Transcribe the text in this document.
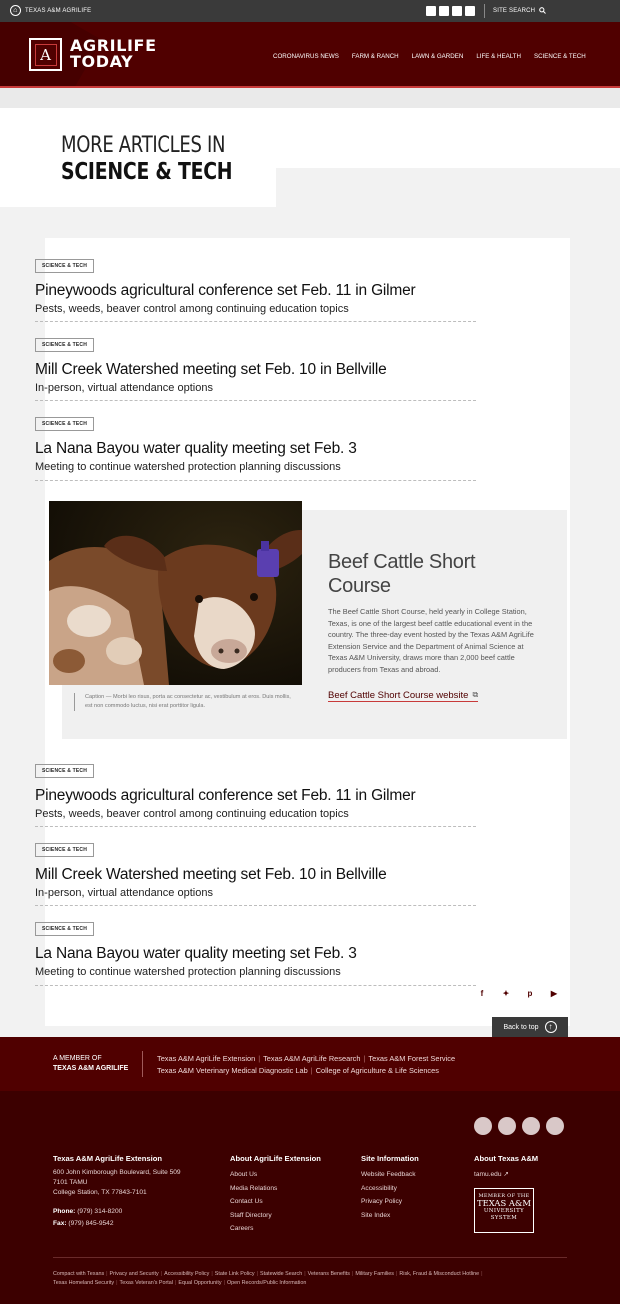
⌂	TEXAS A&M AGRILIFE	SITE SEARCH
A	AGRILIFE
TODAY	CORONAVIRUS NEWS FARM & RANCH LAWN & GARDEN LIFE & HEALTH SCIENCE & TECH
MORE ARTICLES IN
SCIENCE & TECH
SCIENCE & TECH
Pineywoods agricultural conference set Feb. 11 in Gilmer

Pests, weeds, beaver control among continuing education topics

SCIENCE & TECH
Mill Creek Watershed meeting set Feb. 10 in Bellville

In-person, virtual attendance options

SCIENCE & TECH
La Nana Bayou water quality meeting set Feb. 3

Meeting to continue watershed protection planning discussions

Caption — Morbi leo risus, porta ac consectetur ac, vestibulum at eros. Duis mollis, est non commodo luctus, nisi erat porttitor ligula.
Beef Cattle Short Course

The Beef Cattle Short Course, held yearly in College Station, Texas, is one of the largest beef cattle educational event in the country. The three-day event hosted by the Texas A&M AgriLife Extension Service and the Department of Animal Science at Texas A&M University, draws more than 2,000 beef cattle producers from Texas and abroad.

Beef Cattle Short Course website ⧉
SCIENCE & TECH
Pineywoods agricultural conference set Feb. 11 in Gilmer

Pests, weeds, beaver control among continuing education topics

SCIENCE & TECH
Mill Creek Watershed meeting set Feb. 10 in Bellville

In-person, virtual attendance options

SCIENCE & TECH
La Nana Bayou water quality meeting set Feb. 3

Meeting to continue watershed protection planning discussions

f	✦ p ▶
Back to top	↑
A MEMBER OF
TEXAS A&M AGRILIFE
Texas A&M AgriLife Extension | Texas A&M AgriLife Research | Texas A&M Forest Service
Texas A&M Veterinary Medical Diagnostic Lab | College of Agriculture & Life Sciences
Texas A&M AgriLife Extension
600 John Kimborough Boulevard, Suite 509
7101 TAMU
College Station, TX 77843-7101
Phone: (979) 314-8200
Fax: (979) 845-9542
About AgriLife Extension
About Us
Media Relations
Contact Us
Staff Directory
Careers
Site Information
Website Feedback
Accessibility
Privacy Policy
Site Index
About Texas A&M
tamu.edu ↗
MEMBER OF THE
TEXAS A&M
UNIVERSITY
SYSTEM
Compact with Texans | Privacy and Security | Accessibility Policy | State Link Policy | Statewide Search | Veterans Benefits | Military Families | Risk, Fraud & Misconduct Hotline |
Texas Homeland Security | Texas Veteran's Portal | Equal Opportunity | Open Records/Public Information
